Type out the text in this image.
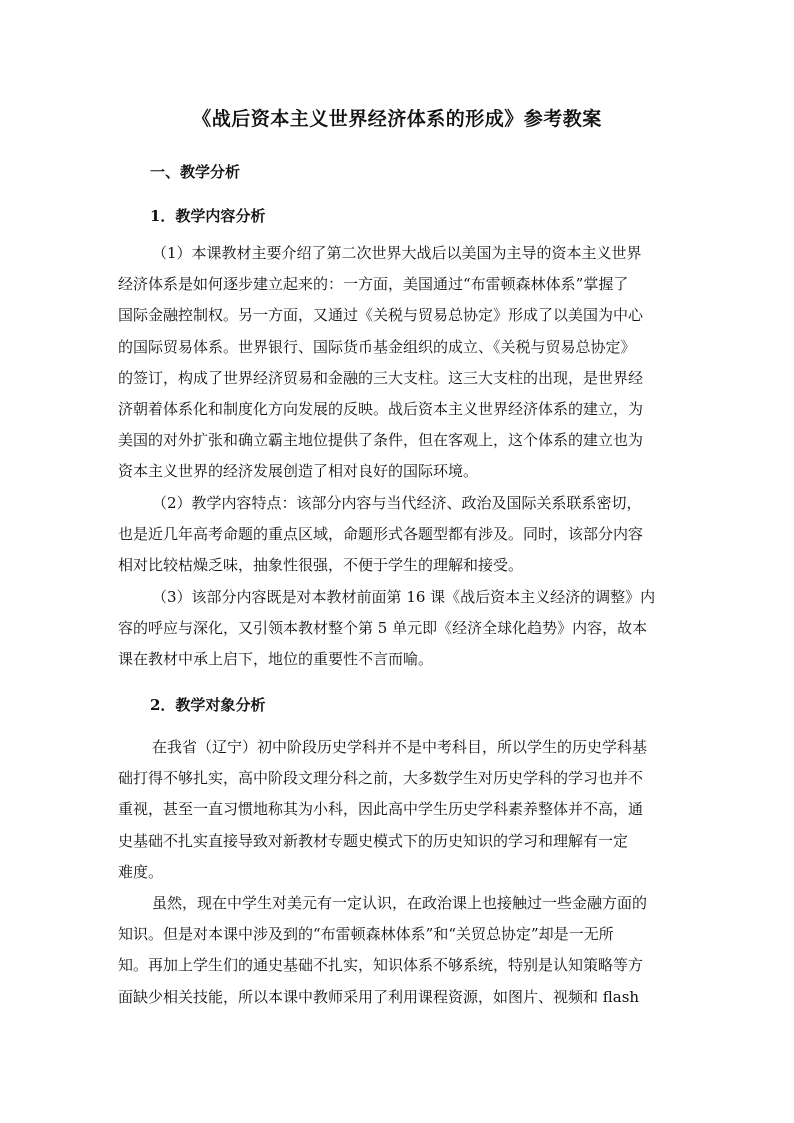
《战后资本主义世界经济体系的形成》参考教案
一、教学分析
1．教学内容分析
（1）本课教材主要介绍了第二次世界大战后以美国为主导的资本主义世界
经济体系是如何逐步建立起来的：一方面，美国通过“布雷顿森林体系”掌握了
国际金融控制权。另一方面，又通过《关税与贸易总协定》形成了以美国为中心
的国际贸易体系。世界银行、国际货币基金组织的成立、《关税与贸易总协定》
的签订，构成了世界经济贸易和金融的三大支柱。这三大支柱的出现，是世界经
济朝着体系化和制度化方向发展的反映。战后资本主义世界经济体系的建立，为
美国的对外扩张和确立霸主地位提供了条件，但在客观上，这个体系的建立也为
资本主义世界的经济发展创造了相对良好的国际环境。
（2）教学内容特点：该部分内容与当代经济、政治及国际关系联系密切，
也是近几年高考命题的重点区域，命题形式各题型都有涉及。同时，该部分内容
相对比较枯燥乏味，抽象性很强，不便于学生的理解和接受。
（3）该部分内容既是对本教材前面第 16 课《战后资本主义经济的调整》内
容的呼应与深化，又引领本教材整个第 5 单元即《经济全球化趋势》内容，故本
课在教材中承上启下，地位的重要性不言而喻。
2．教学对象分析
在我省（辽宁）初中阶段历史学科并不是中考科目，所以学生的历史学科基
础打得不够扎实，高中阶段文理分科之前，大多数学生对历史学科的学习也并不
重视，甚至一直习惯地称其为小科，因此高中学生历史学科素养整体并不高，通
史基础不扎实直接导致对新教材专题史模式下的历史知识的学习和理解有一定
难度。
虽然，现在中学生对美元有一定认识，在政治课上也接触过一些金融方面的
知识。但是对本课中涉及到的“布雷顿森林体系”和“关贸总协定”却是一无所
知。再加上学生们的通史基础不扎实，知识体系不够系统，特别是认知策略等方
面缺少相关技能，所以本课中教师采用了利用课程资源，如图片、视频和 flash
